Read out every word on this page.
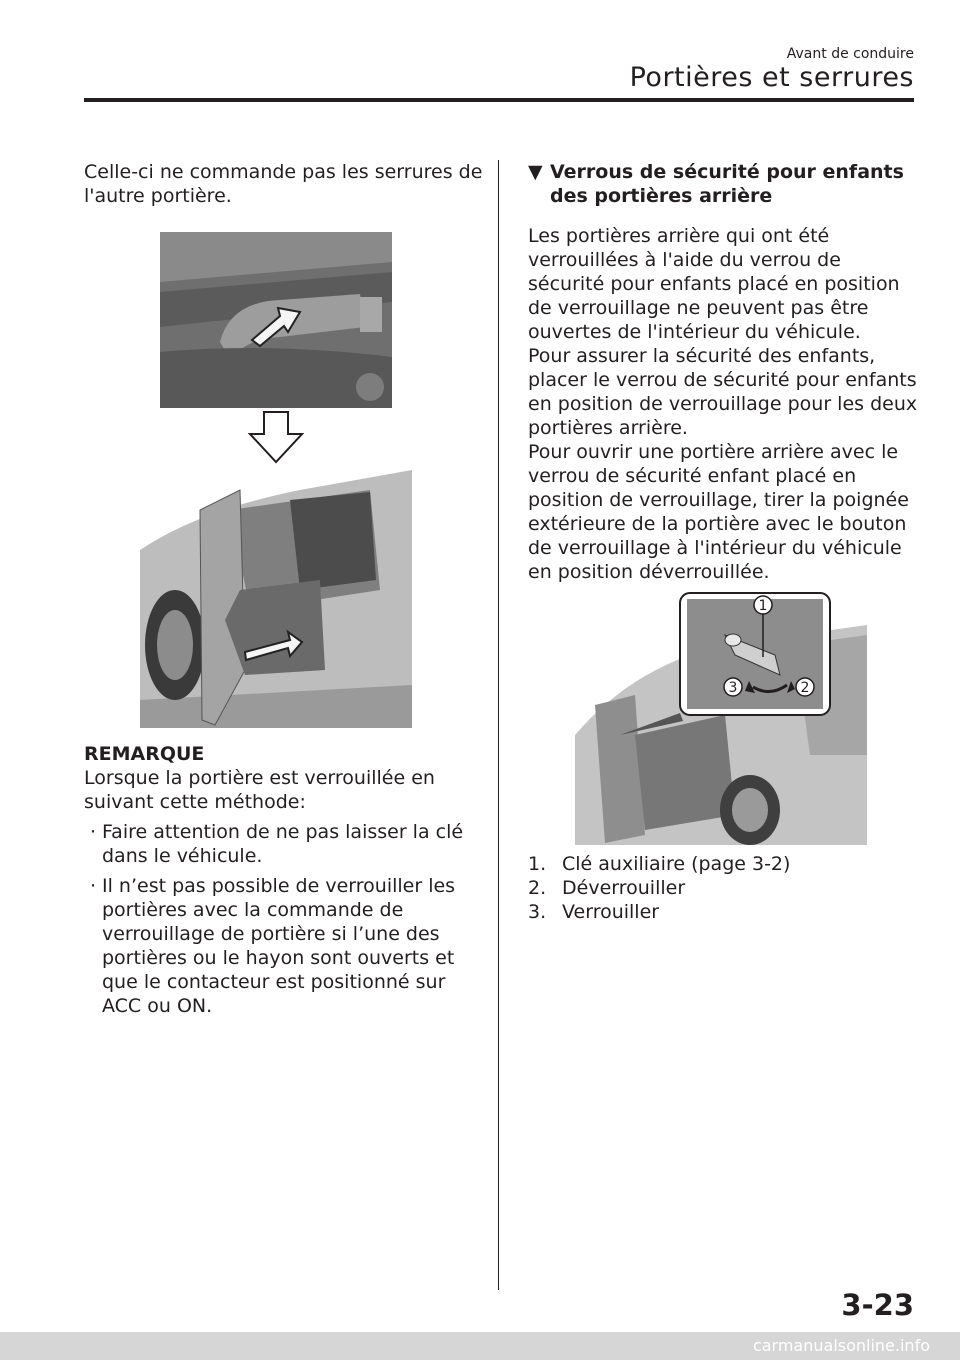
Avant de conduire
Portières et serrures
Celle-ci ne commande pas les serrures de l'autre portière.
REMARQUE
Lorsque la portière est verrouillée en suivant cette méthode:
· Faire attention de ne pas laisser la clé dans le véhicule.
· Il n’est pas possible de verrouiller les portières avec la commande de verrouillage de portière si l’une des portières ou le hayon sont ouverts et que le contacteur est positionné sur ACC ou ON.
▼ Verrous de sécurité pour enfants des portières arrière
Les portières arrière qui ont été verrouillées à l'aide du verrou de sécurité pour enfants placé en position de verrouillage ne peuvent pas être ouvertes de l'intérieur du véhicule.
Pour assurer la sécurité des enfants, placer le verrou de sécurité pour enfants en position de verrouillage pour les deux portières arrière.
Pour ouvrir une portière arrière avec le verrou de sécurité enfant placé en position de verrouillage, tirer la poignée extérieure de la portière avec le bouton de verrouillage à l'intérieur du véhicule en position déverrouillée.
1
2
3
1. Clé auxiliaire (page 3-2)
2. Déverrouiller
3. Verrouiller
3-23
carmanualsonline.info
